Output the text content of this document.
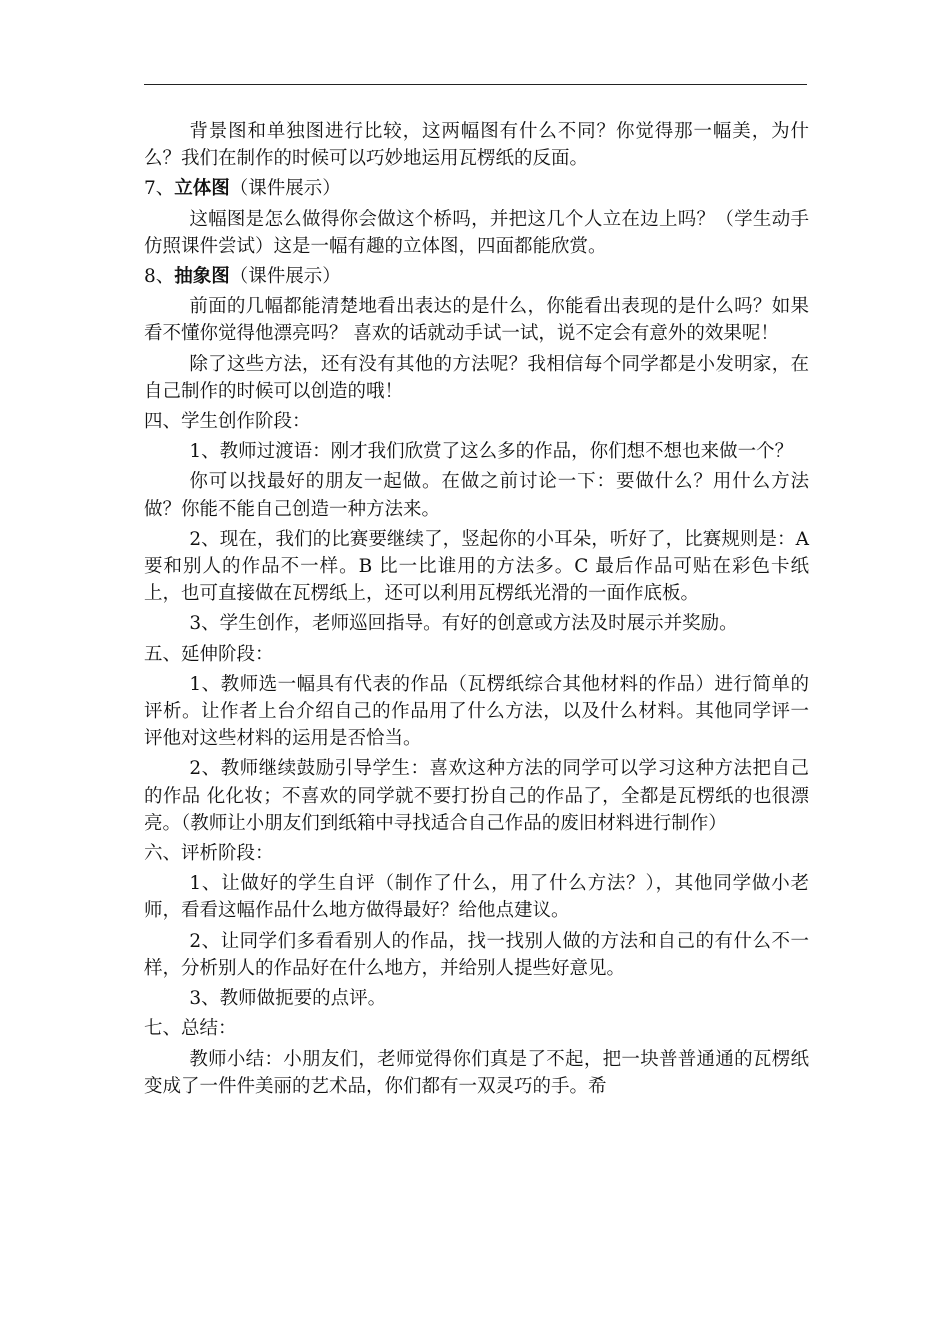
背景图和单独图进行比较，这两幅图有什么不同？你觉得那一幅美，为什么？我们在制作的时候可以巧妙地运用瓦楞纸的反面。

7、立体图（课件展示）

这幅图是怎么做得你会做这个桥吗，并把这几个人立在边上吗？（学生动手仿照课件尝试）这是一幅有趣的立体图，四面都能欣赏。

8、抽象图（课件展示）

前面的几幅都能清楚地看出表达的是什么，你能看出表现的是什么吗？如果看不懂你觉得他漂亮吗？ 喜欢的话就动手试一试，说不定会有意外的效果呢！

除了这些方法，还有没有其他的方法呢？我相信每个同学都是小发明家，在自己制作的时候可以创造的哦！

四、学生创作阶段：

1、教师过渡语：刚才我们欣赏了这么多的作品，你们想不想也来做一个？

你可以找最好的朋友一起做。在做之前讨论一下：要做什么？用什么方法做？你能不能自己创造一种方法来。

2、现在，我们的比赛要继续了，竖起你的小耳朵，听好了，比赛规则是：A 要和别人的作品不一样。B 比一比谁用的方法多。C 最后作品可贴在彩色卡纸上，也可直接做在瓦楞纸上，还可以利用瓦楞纸光滑的一面作底板。

3、学生创作，老师巡回指导。有好的创意或方法及时展示并奖励。

五、延伸阶段：

1、教师选一幅具有代表的作品（瓦楞纸综合其他材料的作品）进行简单的评析。让作者上台介绍自己的作品用了什么方法，以及什么材料。其他同学评一评他对这些材料的运用是否恰当。

2、教师继续鼓励引导学生：喜欢这种方法的同学可以学习这种方法把自己的作品 化化妆；不喜欢的同学就不要打扮自己的作品了，全都是瓦楞纸的也很漂亮。（教师让小朋友们到纸箱中寻找适合自己作品的废旧材料进行制作）

六、评析阶段：

1、让做好的学生自评（制作了什么，用了什么方法？），其他同学做小老师，看看这幅作品什么地方做得最好？给他点建议。

2、让同学们多看看别人的作品，找一找别人做的方法和自己的有什么不一样，分析别人的作品好在什么地方，并给别人提些好意见。

3、教师做扼要的点评。

七、总结：

教师小结：小朋友们，老师觉得你们真是了不起，把一块普普通通的瓦楞纸变成了一件件美丽的艺术品，你们都有一双灵巧的手。希
